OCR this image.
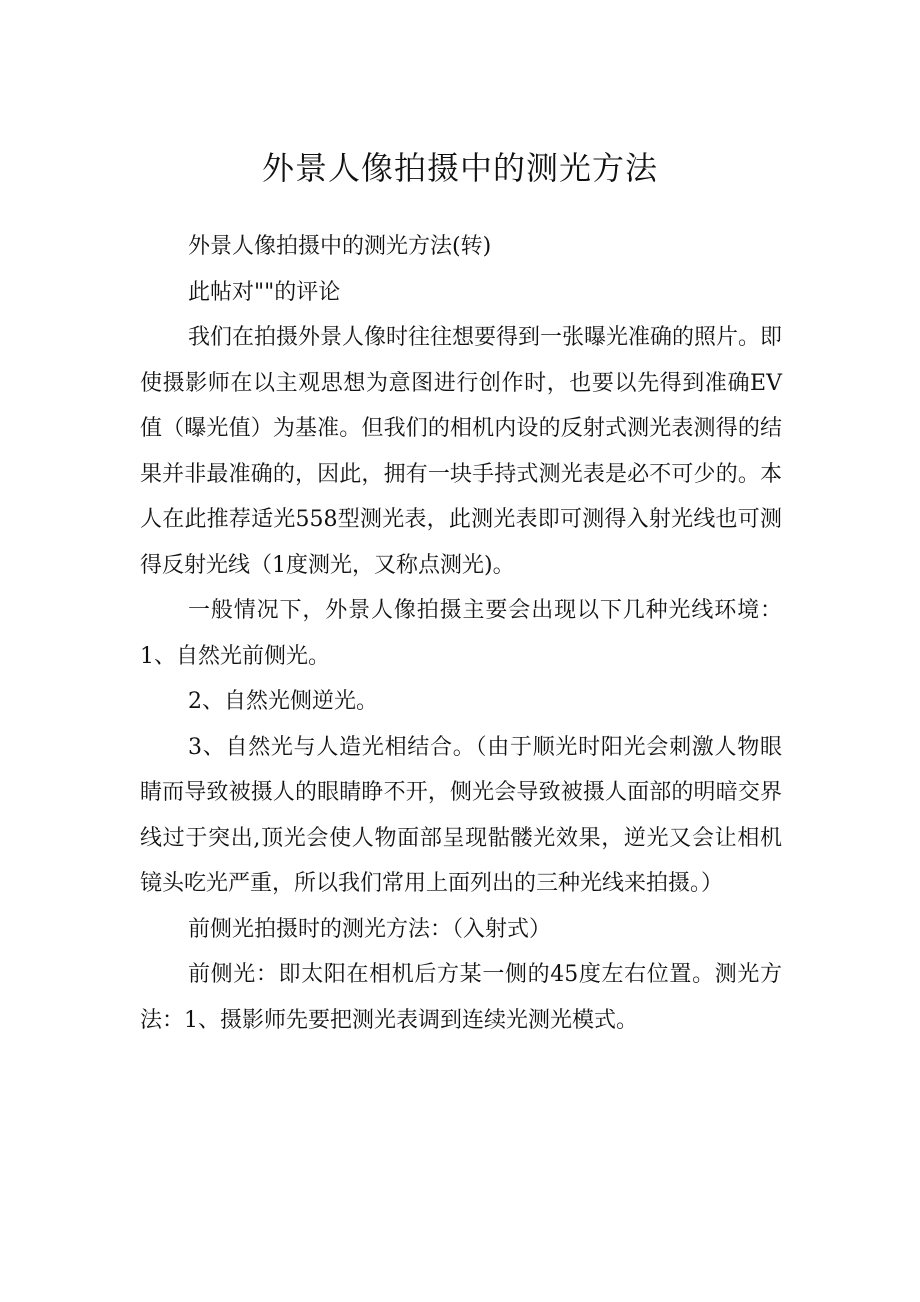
外景人像拍摄中的测光方法

外景人像拍摄中的测光方法(转)

此帖对""的评论

我们在拍摄外景人像时往往想要得到一张曝光准确的照片。即使摄影师在以主观思想为意图进行创作时，也要以先得到准确EV值（曝光值）为基准。但我们的相机内设的反射式测光表测得的结果并非最准确的，因此，拥有一块手持式测光表是必不可少的。本人在此推荐适光558型测光表，此测光表即可测得入射光线也可测得反射光线（1度测光，又称点测光)。

一般情况下，外景人像拍摄主要会出现以下几种光线环境：1、自然光前侧光。

2、自然光侧逆光。

3、自然光与人造光相结合。（由于顺光时阳光会刺激人物眼睛而导致被摄人的眼睛睁不开，侧光会导致被摄人面部的明暗交界线过于突出,顶光会使人物面部呈现骷髅光效果，逆光又会让相机镜头吃光严重，所以我们常用上面列出的三种光线来拍摄。）

前侧光拍摄时的测光方法：（入射式）

前侧光：即太阳在相机后方某一侧的45度左右位置。测光方法：1、摄影师先要把测光表调到连续光测光模式。
